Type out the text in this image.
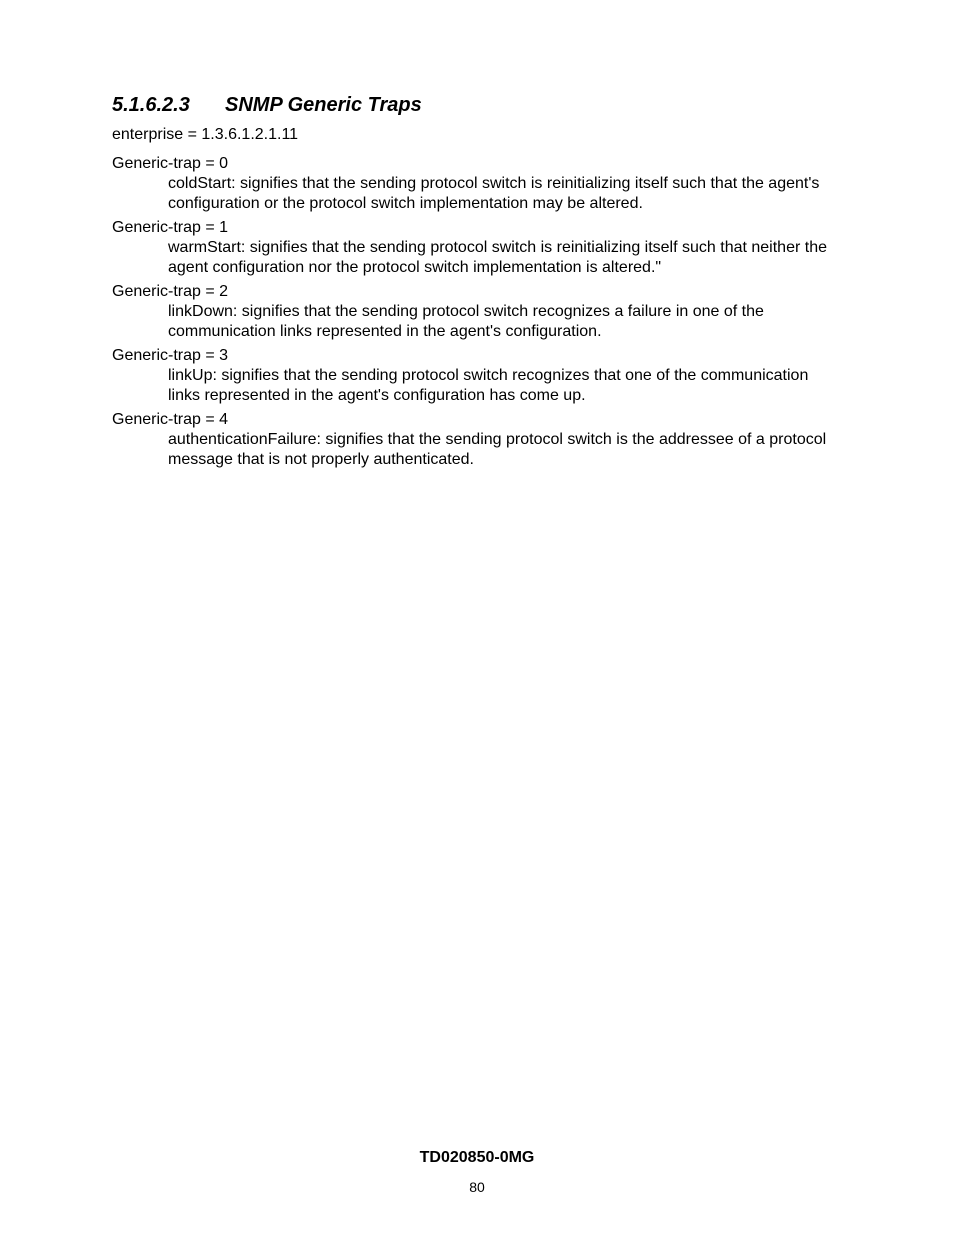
5.1.6.2.3 SNMP Generic Traps
enterprise = 1.3.6.1.2.1.11
Generic-trap = 0
coldStart: signifies that the sending protocol switch is reinitializing itself such that the agent's configuration or the protocol switch implementation may be altered.
Generic-trap = 1
warmStart: signifies that the sending protocol switch is reinitializing itself such that neither the agent configuration nor the protocol switch implementation is altered."
Generic-trap = 2
linkDown: signifies that the sending protocol switch recognizes a failure in one of the communication links represented in the agent's configuration.
Generic-trap = 3
linkUp: signifies that the sending protocol switch recognizes that one of the communication links represented in the agent's configuration has come up.
Generic-trap = 4
authenticationFailure: signifies that the sending protocol switch is the addressee of a protocol message that is not properly authenticated.
TD020850-0MG
80
